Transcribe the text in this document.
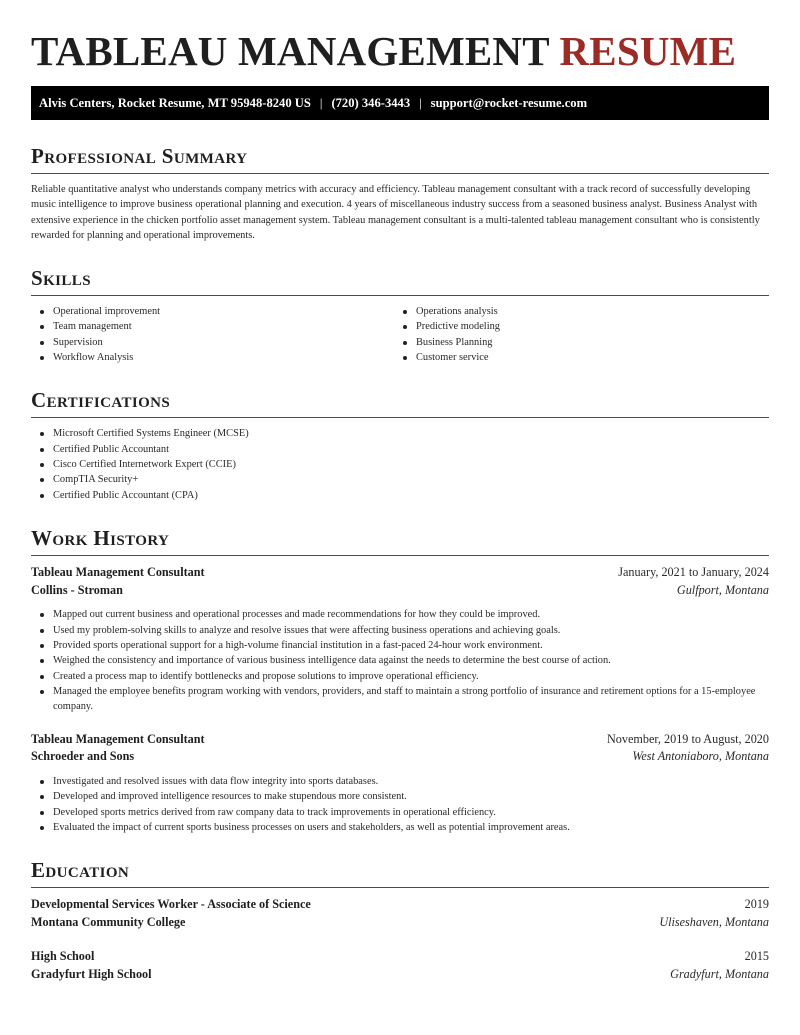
TABLEAU MANAGEMENT RESUME
Alvis Centers, Rocket Resume, MT 95948-8240 US | (720) 346-3443 | support@rocket-resume.com
Professional Summary

Reliable quantitative analyst who understands company metrics with accuracy and efficiency. Tableau management consultant with a track record of successfully developing music intelligence to improve business operational planning and execution. 4 years of miscellaneous industry success from a seasoned business analyst. Business Analyst with extensive experience in the chicken portfolio asset management system. Tableau management consultant is a multi-talented tableau management consultant who is consistently rewarded for planning and operational improvements.

Skills
Operational improvement
Team management
Supervision
Workflow Analysis
Operations analysis
Predictive modeling
Business Planning
Customer service
Certifications
Microsoft Certified Systems Engineer (MCSE)
Certified Public Accountant
Cisco Certified Internetwork Expert (CCIE)
CompTIA Security+
Certified Public Accountant (CPA)
Work History
Tableau Management Consultant	January, 2021 to January, 2024
Collins - Stroman	Gulfport, Montana
Mapped out current business and operational processes and made recommendations for how they could be improved.
Used my problem-solving skills to analyze and resolve issues that were affecting business operations and achieving goals.
Provided sports operational support for a high-volume financial institution in a fast-paced 24-hour work environment.
Weighed the consistency and importance of various business intelligence data against the needs to determine the best course of action.
Created a process map to identify bottlenecks and propose solutions to improve operational efficiency.
Managed the employee benefits program working with vendors, providers, and staff to maintain a strong portfolio of insurance and retirement options for a 15-employee company.
Tableau Management Consultant	November, 2019 to August, 2020
Schroeder and Sons	West Antoniaboro, Montana
Investigated and resolved issues with data flow integrity into sports databases.
Developed and improved intelligence resources to make stupendous more consistent.
Developed sports metrics derived from raw company data to track improvements in operational efficiency.
Evaluated the impact of current sports business processes on users and stakeholders, as well as potential improvement areas.
Education
Developmental Services Worker - Associate of Science	2019
Montana Community College	Uliseshaven, Montana
High School	2015
Gradyfurt High School	Gradyfurt, Montana
